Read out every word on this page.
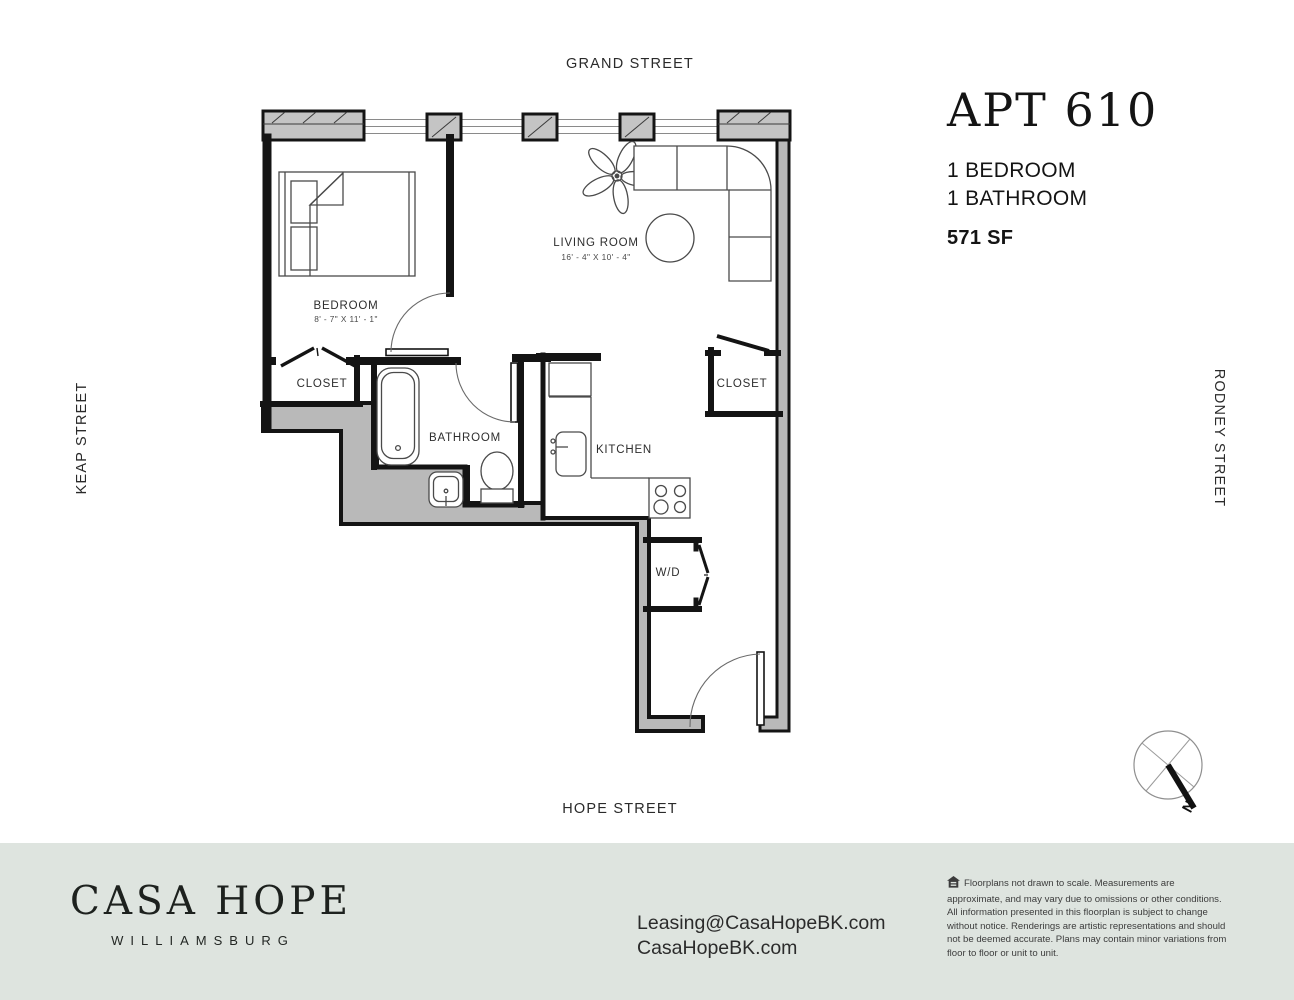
LIVING ROOM
16' - 4" X 10' - 4"
BEDROOM
8' - 7" X 11' - 1"
BATHROOM
KITCHEN
CLOSET	CLOSET
W/D
GRAND STREET
KEAP STREET	RODNEY STREET
HOPE STREET	N
APT 610
1 BEDROOM
1 BATHROOM
571 SF
CASA HOPE
WILLIAMSBURG
Leasing@CasaHopeBK.com
CasaHopeBK.com
Floorplans not drawn to scale. Measurements are approximate, and may vary due to omissions or other conditions. All information presented in this floorplan is subject to change without notice. Renderings are artistic representations and should not be deemed accurate. Plans may contain minor variations from floor to floor or unit to unit.
